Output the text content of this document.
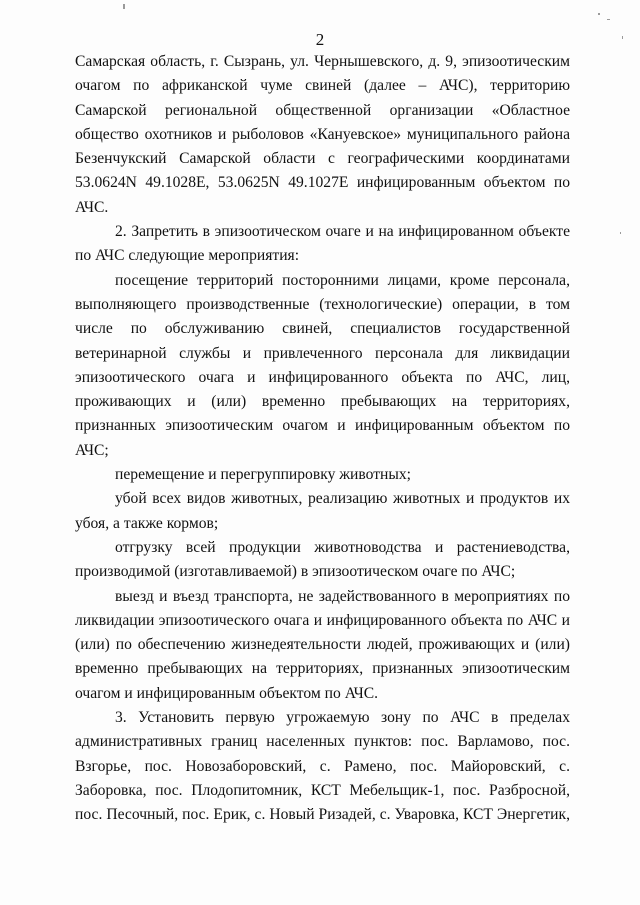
2

Самарская область, г. Сызрань, ул. Чернышевского, д. 9, эпизоотическим очагом по африканской чуме свиней (далее – АЧС), территорию Самарской региональной общественной организации «Областное общество охотников и рыболовов «Кануевское» муниципального района Безенчукский Самарской области с географическими координатами 53.0624N 49.1028E, 53.0625N 49.1027E инфицированным объектом по АЧС.

2. Запретить в эпизоотическом очаге и на инфицированном объекте по АЧС следующие мероприятия:

посещение территорий посторонними лицами, кроме персонала, выполняющего производственные (технологические) операции, в том числе по обслуживанию свиней, специалистов государственной ветеринарной службы и привлеченного персонала для ликвидации эпизоотического очага и инфицированного объекта по АЧС, лиц, проживающих и (или) временно пребывающих на территориях, признанных эпизоотическим очагом и инфицированным объектом по АЧС;

перемещение и перегруппировку животных;

убой всех видов животных, реализацию животных и продуктов их убоя, а также кормов;

отгрузку всей продукции животноводства и растениеводства, производимой (изготавливаемой) в эпизоотическом очаге по АЧС;

выезд и въезд транспорта, не задействованного в мероприятиях по ликвидации эпизоотического очага и инфицированного объекта по АЧС и (или) по обеспечению жизнедеятельности людей, проживающих и (или) временно пребывающих на территориях, признанных эпизоотическим очагом и инфицированным объектом по АЧС.

3. Установить первую угрожаемую зону по АЧС в пределах административных границ населенных пунктов: пос. Варламово, пос. Взгорье, пос. Новозаборовский, с. Рамено, пос. Майоровский, с. Заборовка, пос. Плодопитомник, КСТ Мебельщик-1, пос. Разбросной, пос. Песочный, пос. Ерик, с. Новый Ризадей, с. Уваровка, КСТ Энергетик,
